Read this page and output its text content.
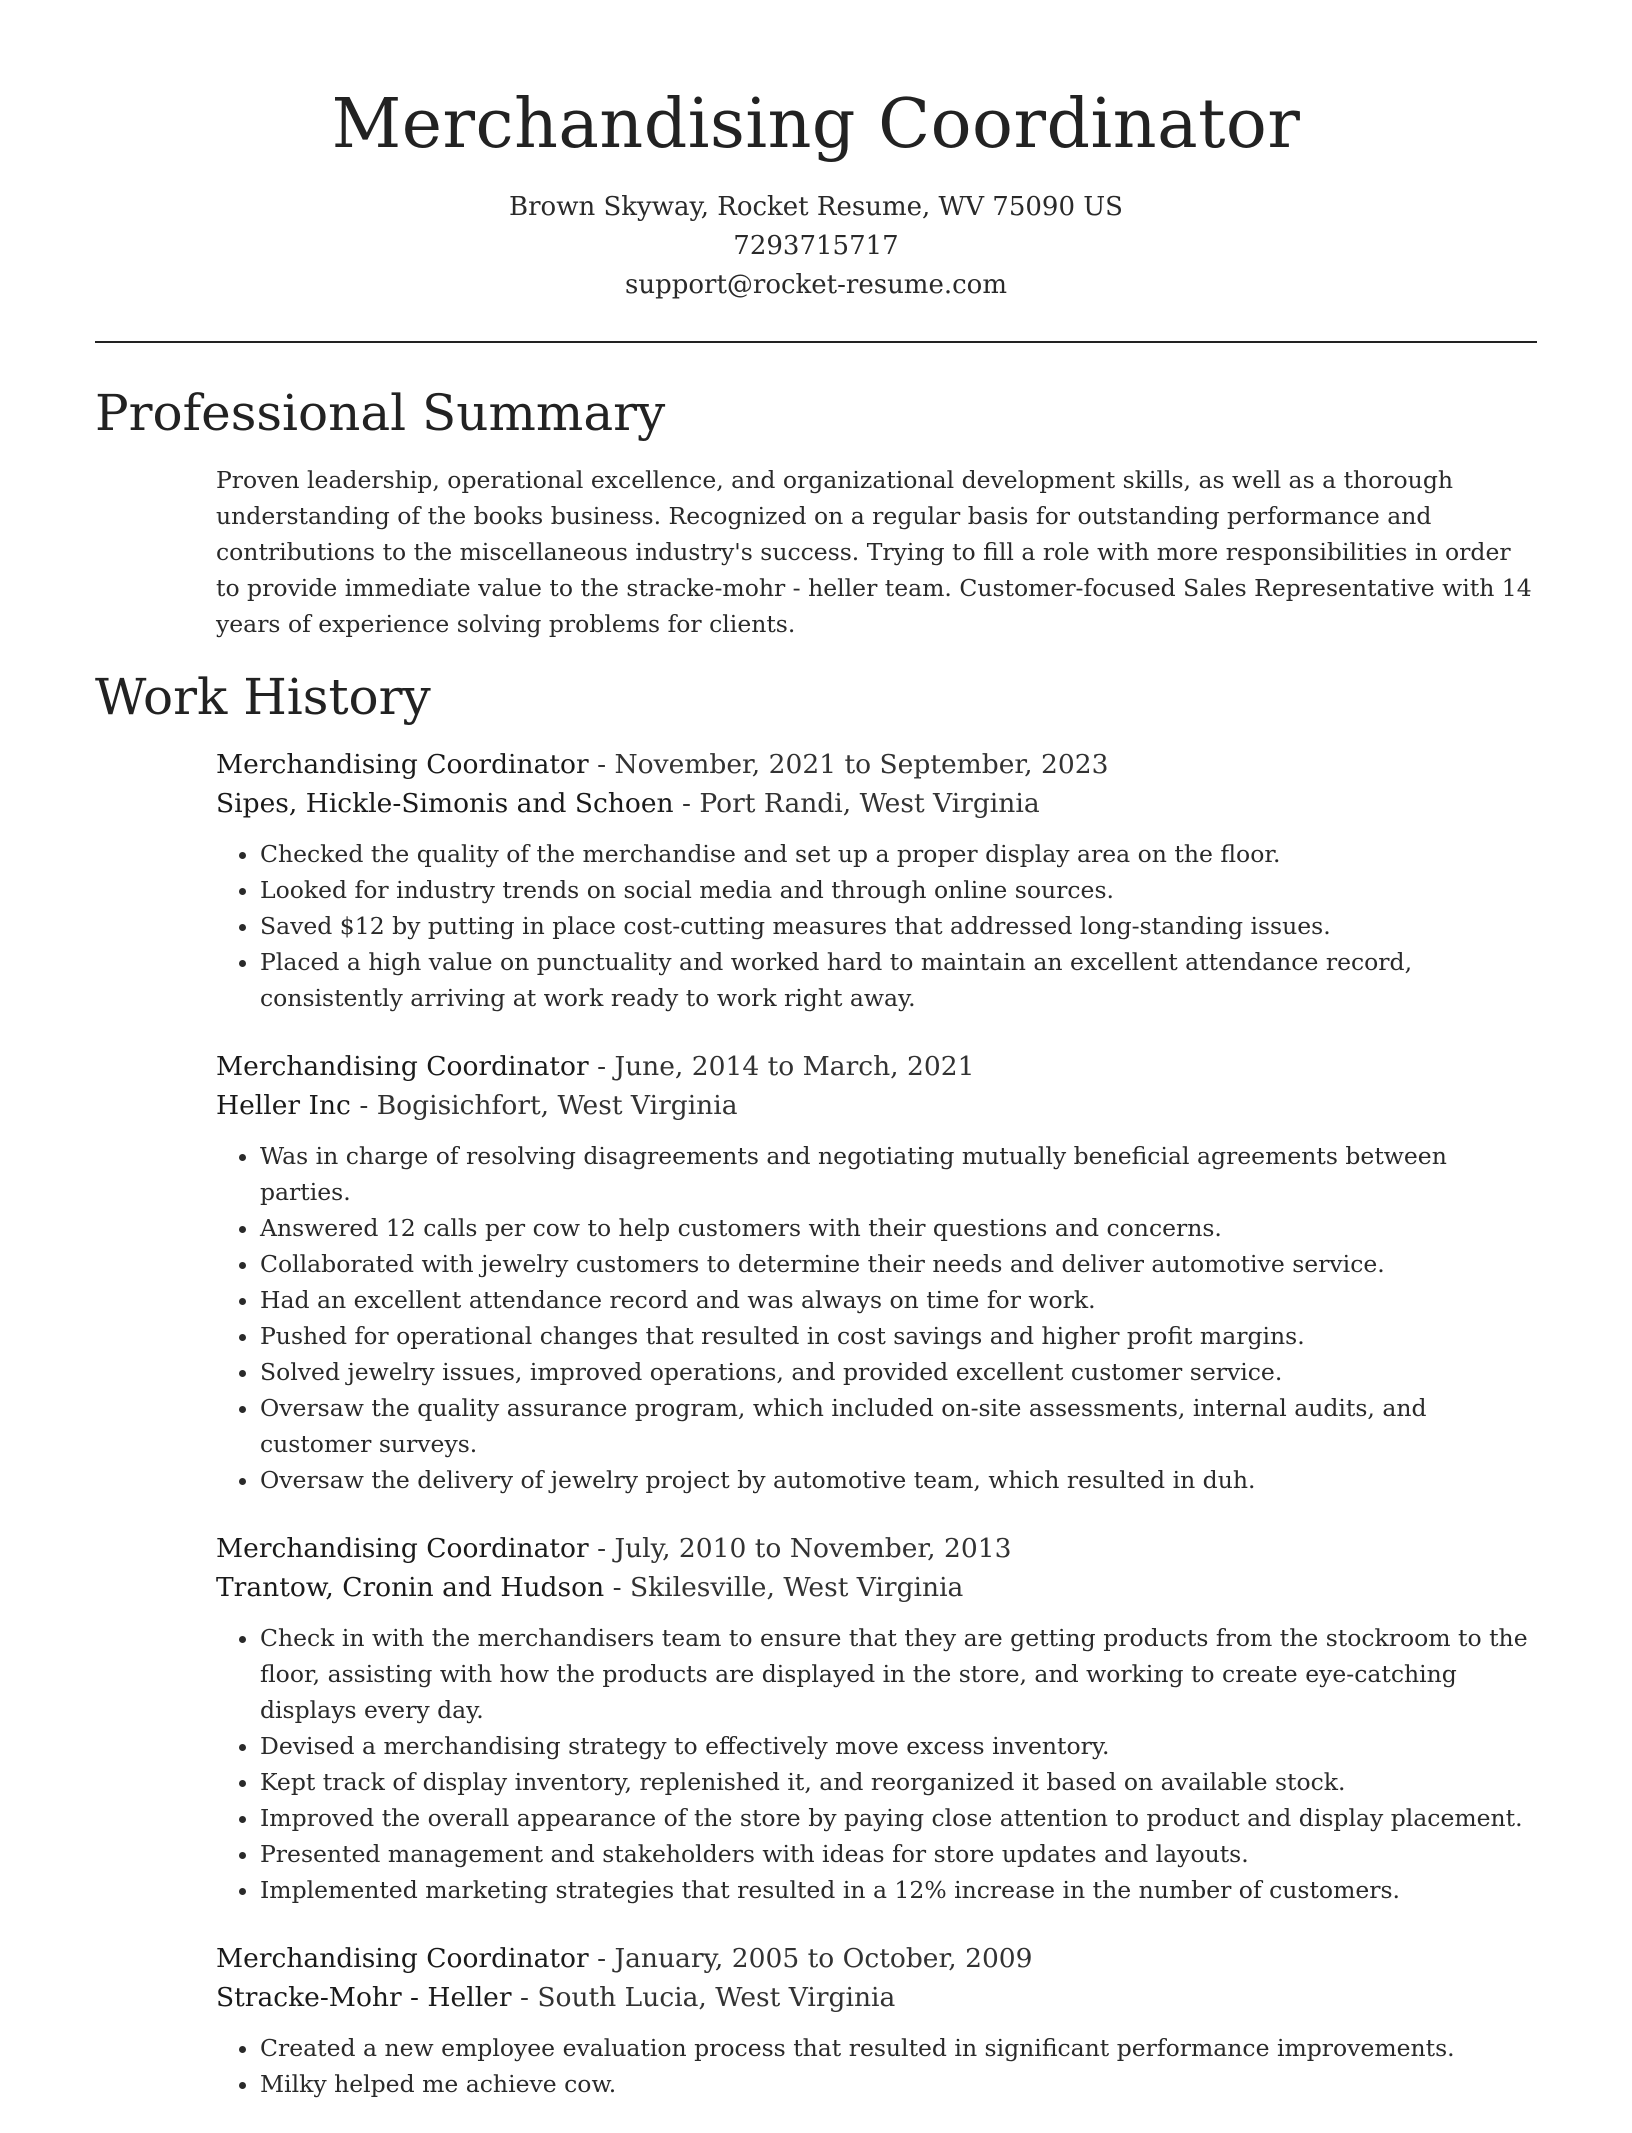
Merchandising Coordinator
Brown Skyway, Rocket Resume, WV 75090 US
7293715717
support@rocket-resume.com
Professional Summary

Proven leadership, operational excellence, and organizational development skills, as well as a thorough understanding of the books business. Recognized on a regular basis for outstanding performance and contributions to the miscellaneous industry's success. Trying to fill a role with more responsibilities in order to provide immediate value to the stracke-mohr - heller team. Customer-focused Sales Representative with 14 years of experience solving problems for clients.

Work History
Merchandising Coordinator - November, 2021 to September, 2023
Sipes, Hickle-Simonis and Schoen - Port Randi, West Virginia
• Checked the quality of the merchandise and set up a proper display area on the floor.
• Looked for industry trends on social media and through online sources.
• Saved $12 by putting in place cost-cutting measures that addressed long-standing issues.
• Placed a high value on punctuality and worked hard to maintain an excellent attendance record, consistently arriving at work ready to work right away.
Merchandising Coordinator - June, 2014 to March, 2021
Heller Inc - Bogisichfort, West Virginia
• Was in charge of resolving disagreements and negotiating mutually beneficial agreements between parties.
• Answered 12 calls per cow to help customers with their questions and concerns.
• Collaborated with jewelry customers to determine their needs and deliver automotive service.
• Had an excellent attendance record and was always on time for work.
• Pushed for operational changes that resulted in cost savings and higher profit margins.
• Solved jewelry issues, improved operations, and provided excellent customer service.
• Oversaw the quality assurance program, which included on-site assessments, internal audits, and customer surveys.
• Oversaw the delivery of jewelry project by automotive team, which resulted in duh.
Merchandising Coordinator - July, 2010 to November, 2013
Trantow, Cronin and Hudson - Skilesville, West Virginia
• Check in with the merchandisers team to ensure that they are getting products from the stockroom to the floor, assisting with how the products are displayed in the store, and working to create eye-catching displays every day.
• Devised a merchandising strategy to effectively move excess inventory.
• Kept track of display inventory, replenished it, and reorganized it based on available stock.
• Improved the overall appearance of the store by paying close attention to product and display placement.
• Presented management and stakeholders with ideas for store updates and layouts.
• Implemented marketing strategies that resulted in a 12% increase in the number of customers.
Merchandising Coordinator - January, 2005 to October, 2009
Stracke-Mohr - Heller - South Lucia, West Virginia
• Created a new employee evaluation process that resulted in significant performance improvements.
• Milky helped me achieve cow.
